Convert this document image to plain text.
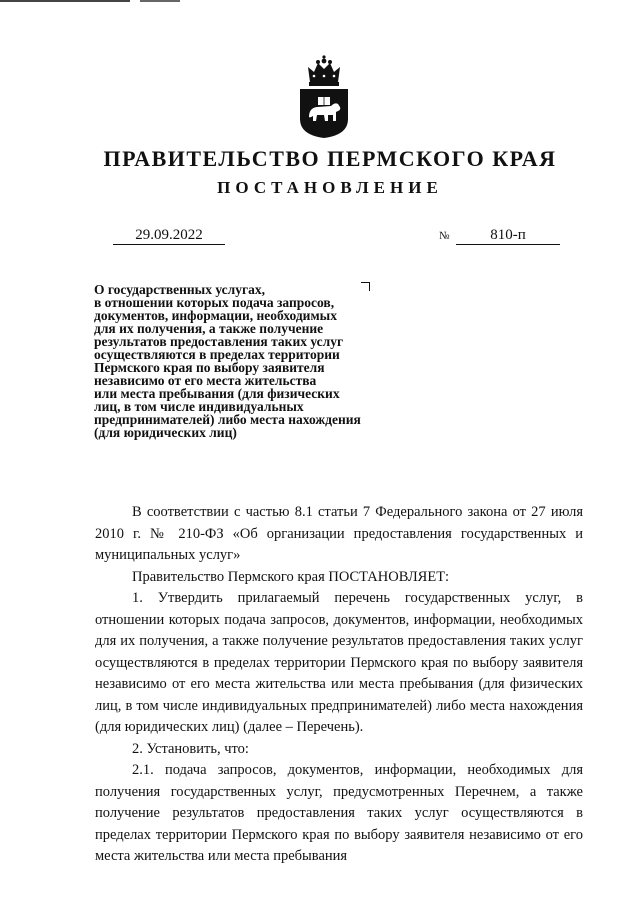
ПРАВИТЕЛЬСТВО ПЕРМСКОГО КРАЯ
ПОСТАНОВЛЕНИЕ
29.09.2022	№	810-п
О государственных услугах,
в отношении которых подача запросов,
документов, информации, необходимых
для их получения, а также получение
результатов предоставления таких услуг
осуществляются в пределах территории
Пермского края по выбору заявителя
независимо от его места жительства
или места пребывания (для физических
лиц, в том числе индивидуальных
предпринимателей) либо места нахождения
(для юридических лиц)

В соответствии с частью 8.1 статьи 7 Федерального закона от 27 июля 2010 г. № 210-ФЗ «Об организации предоставления государственных и муниципальных услуг»

Правительство Пермского края ПОСТАНОВЛЯЕТ:

1. Утвердить прилагаемый перечень государственных услуг, в отношении которых подача запросов, документов, информации, необходимых для их получения, а также получение результатов предоставления таких услуг осуществляются в пределах территории Пермского края по выбору заявителя независимо от его места жительства или места пребывания (для физических лиц, в том числе индивидуальных предпринимателей) либо места нахождения (для юридических лиц) (далее – Перечень).

2. Установить, что:

2.1. подача запросов, документов, информации, необходимых для получения государственных услуг, предусмотренных Перечнем, а также получение результатов предоставления таких услуг осуществляются в пределах территории Пермского края по выбору заявителя независимо от его места жительства или места пребывания
